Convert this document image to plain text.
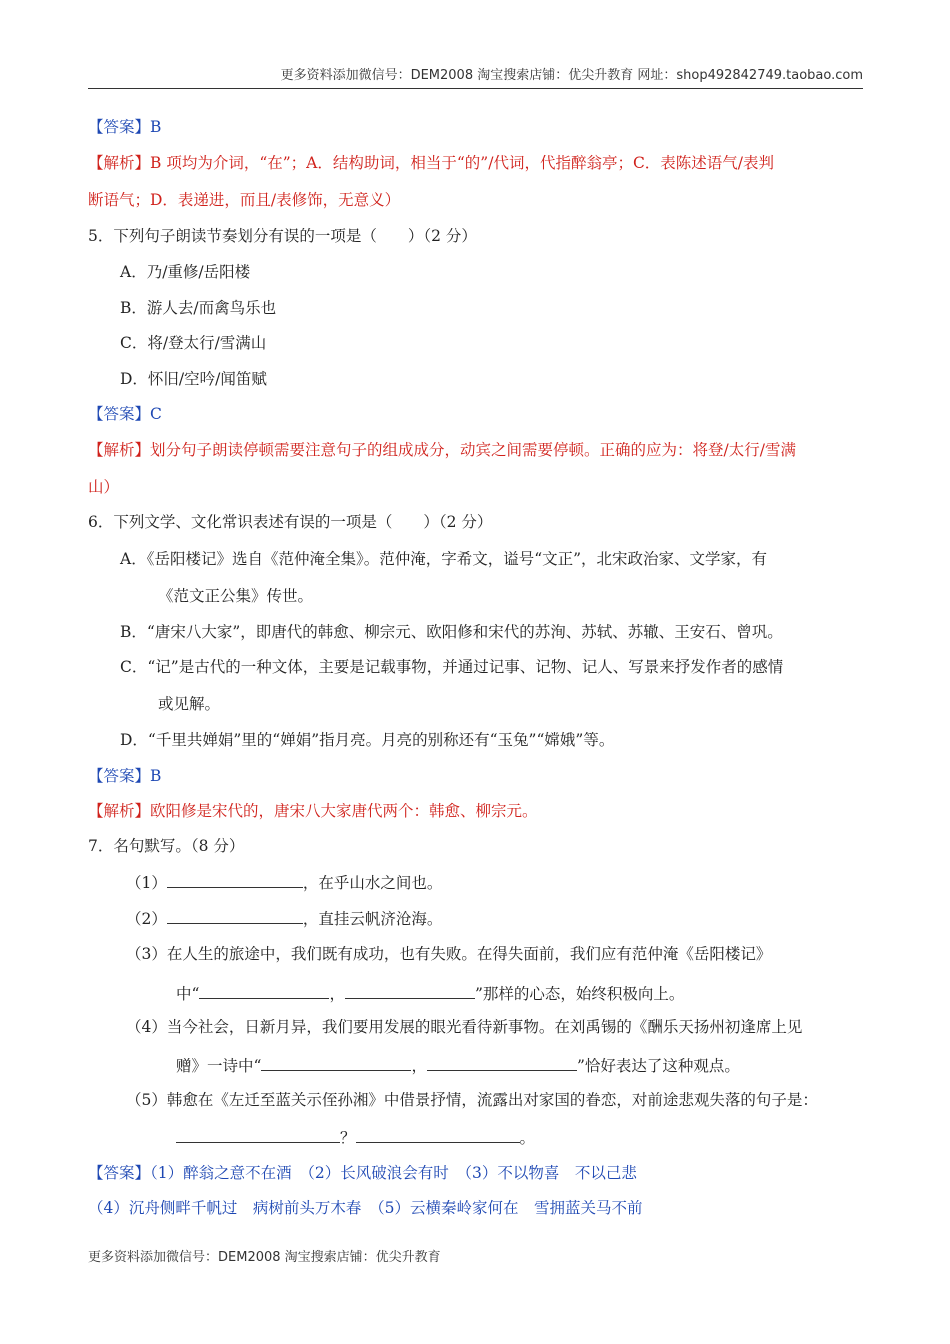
更多资料添加微信号：DEM2008 淘宝搜索店铺：优尖升教育 网址：shop492842749.taobao.com
【答案】B
【解析】B 项均为介词，“在”；A．结构助词，相当于“的”/代词，代指醉翁亭；C．表陈述语气/表判
断语气；D．表递进，而且/表修饰，无意义）
5．下列句子朗读节奏划分有误的一项是（　　）（2 分）
A．乃/重修/岳阳楼
B．游人去/而禽鸟乐也
C．将/登太行/雪满山
D．怀旧/空吟/闻笛赋
【答案】C
【解析】划分句子朗读停顿需要注意句子的组成成分，动宾之间需要停顿。正确的应为：将登/太行/雪满
山）
6．下列文学、文化常识表述有误的一项是（　　）（2 分）
A．《岳阳楼记》选自《范仲淹全集》。范仲淹，字希文，谥号“文正”，北宋政治家、文学家，有
《范文正公集》传世。
B．“唐宋八大家”，即唐代的韩愈、柳宗元、欧阳修和宋代的苏洵、苏轼、苏辙、王安石、曾巩。
C．“记”是古代的一种文体，主要是记载事物，并通过记事、记物、记人、写景来抒发作者的感情
或见解。
D．“千里共婵娟”里的“婵娟”指月亮。月亮的别称还有“玉兔”“嫦娥”等。
【答案】B
【解析】欧阳修是宋代的，唐宋八大家唐代两个：韩愈、柳宗元。
7．名句默写。（8 分）
（1）	，在乎山水之间也。
（2）	，直挂云帆济沧海。
（3）在人生的旅途中，我们既有成功，也有失败。在得失面前，我们应有范仲淹《岳阳楼记》
中“	，	”那样的心态，始终积极向上。
（4）当今社会，日新月异，我们要用发展的眼光看待新事物。在刘禹锡的《酬乐天扬州初逢席上见
赠》一诗中“	，	”恰好表达了这种观点。
（5）韩愈在《左迁至蓝关示侄孙湘》中借景抒情，流露出对家国的眷恋，对前途悲观失落的句子是：
？	。
【答案】（1）醉翁之意不在酒　（2）长风破浪会有时　（3）不以物喜　不以己悲
（4）沉舟侧畔千帆过　病树前头万木春　（5）云横秦岭家何在　雪拥蓝关马不前
更多资料添加微信号：DEM2008 淘宝搜索店铺：优尖升教育
